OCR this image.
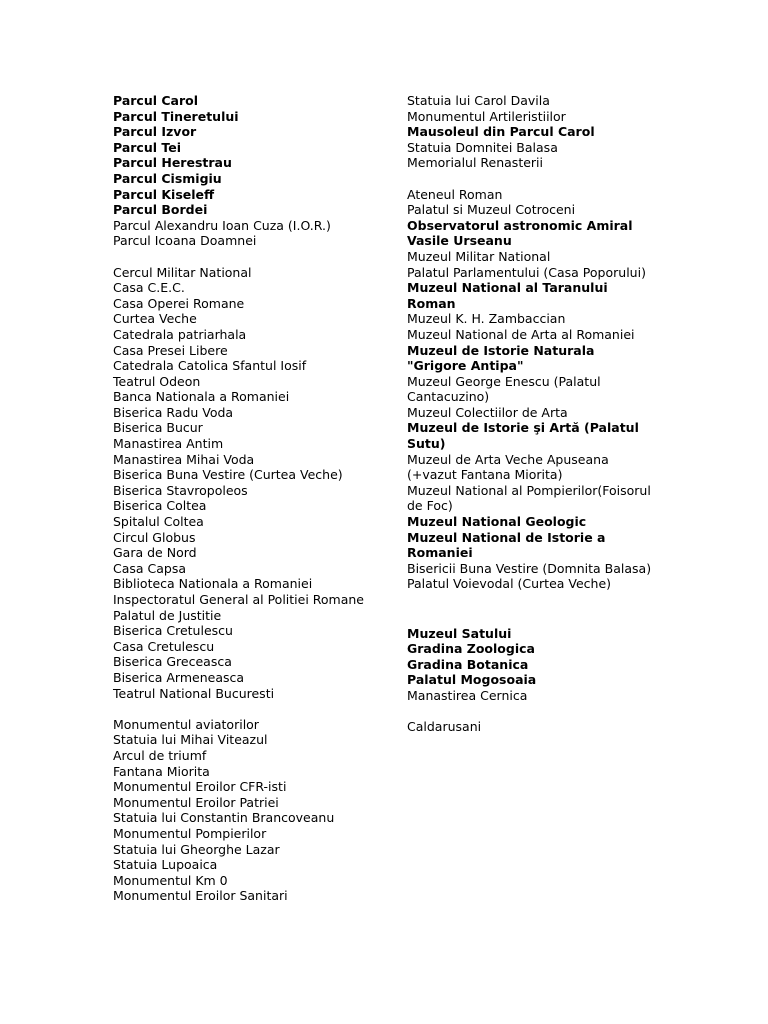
Parcul Carol
Parcul Tineretului
Parcul Izvor
Parcul Tei
Parcul Herestrau
Parcul Cismigiu
Parcul Kiseleff
Parcul Bordei
Parcul Alexandru Ioan Cuza (I.O.R.)
Parcul Icoana Doamnei
Cercul Militar National
Casa C.E.C.
Casa Operei Romane
Curtea Veche
Catedrala patriarhala
Casa Presei Libere
Catedrala Catolica Sfantul Iosif
Teatrul Odeon
Banca Nationala a Romaniei
Biserica Radu Voda
Biserica Bucur
Manastirea Antim
Manastirea Mihai Voda
Biserica Buna Vestire (Curtea Veche)
Biserica Stavropoleos
Biserica Coltea
Spitalul Coltea
Circul Globus
Gara de Nord
Casa Capsa
Biblioteca Nationala a Romaniei
Inspectoratul General al Politiei Romane
Palatul de Justitie
Biserica Cretulescu
Casa Cretulescu
Biserica Greceasca
Biserica Armeneasca
Teatrul National Bucuresti
Monumentul aviatorilor
Statuia lui Mihai Viteazul
Arcul de triumf
Fantana Miorita
Monumentul Eroilor CFR-isti
Monumentul Eroilor Patriei
Statuia lui Constantin Brancoveanu
Monumentul Pompierilor
Statuia lui Gheorghe Lazar
Statuia Lupoaica
Monumentul Km 0
Monumentul Eroilor Sanitari
Statuia lui Carol Davila
Monumentul Artileristiilor
Mausoleul din Parcul Carol
Statuia Domnitei Balasa
Memorialul Renasterii
Ateneul Roman
Palatul si Muzeul Cotroceni
Observatorul astronomic Amiral Vasile Urseanu
Muzeul Militar National
Palatul Parlamentului (Casa Poporului)
Muzeul National al Taranului Roman
Muzeul K. H. Zambaccian
Muzeul National de Arta al Romaniei
Muzeul de Istorie Naturala "Grigore Antipa"
Muzeul George Enescu (Palatul Cantacuzino)
Muzeul Colectiilor de Arta
Muzeul de Istorie şi Artă (Palatul Sutu)
Muzeul de Arta Veche Apuseana (+vazut Fantana Miorita)
Muzeul National al Pompierilor(Foisorul de Foc)
Muzeul National Geologic
Muzeul National de Istorie a Romaniei
Bisericii Buna Vestire (Domnita Balasa)
Palatul Voievodal (Curtea Veche)
Muzeul Satului
Gradina Zoologica
Gradina Botanica
Palatul Mogosoaia
Manastirea Cernica
Caldarusani
